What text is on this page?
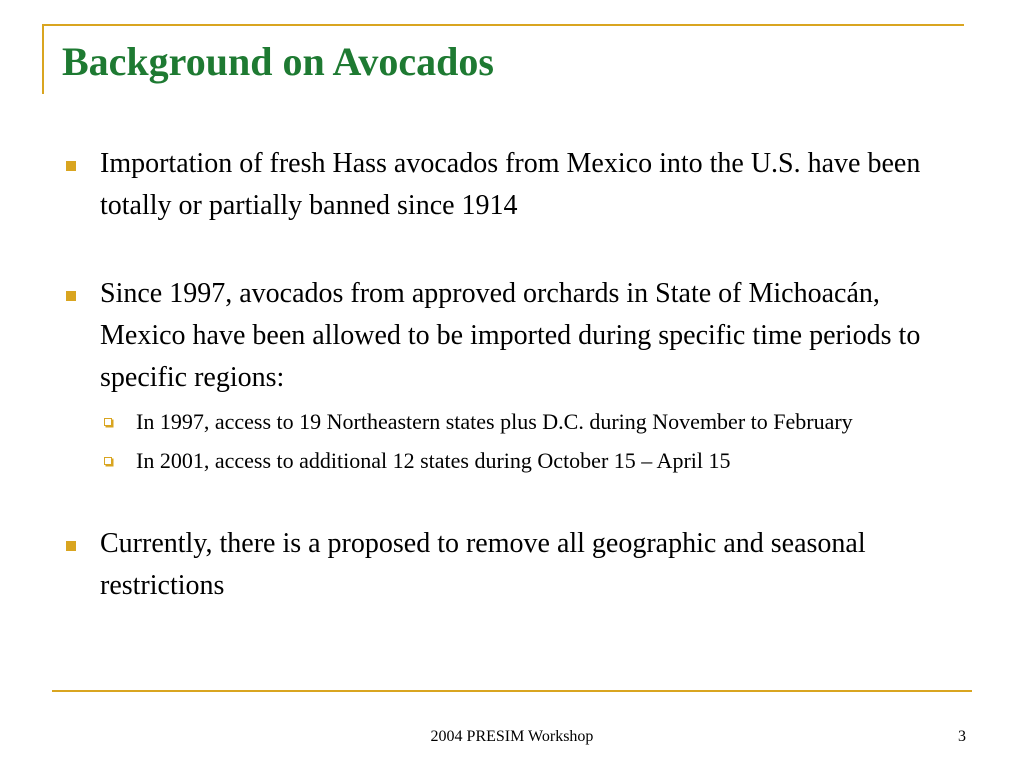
Background on Avocados
Importation of fresh Hass avocados from Mexico into the U.S. have been totally or partially banned since 1914
Since 1997, avocados from approved orchards in State of Michoacán, Mexico have been allowed to be imported during specific time periods to specific regions:
In 1997, access to 19 Northeastern states plus D.C. during November to February
In 2001, access to additional 12 states during October 15 – April 15
Currently, there is a proposed to remove all geographic and seasonal restrictions
2004 PRESIM Workshop	3
